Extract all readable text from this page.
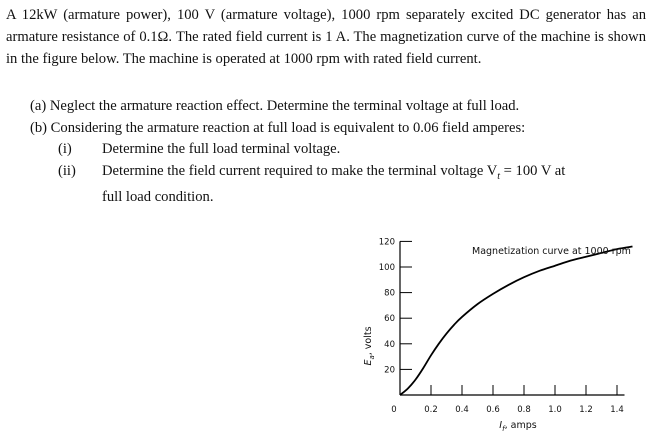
A 12kW (armature power), 100 V (armature voltage), 1000 rpm separately excited DC generator has an armature resistance of 0.1Ω. The rated field current is 1 A. The magnetization curve of the machine is shown in the figure below. The machine is operated at 1000 rpm with rated field current.
(a) Neglect the armature reaction effect. Determine the terminal voltage at full load.
(b) Considering the armature reaction at full load is equivalent to 0.06 field amperes:
(i) Determine the full load terminal voltage.
(ii) Determine the field current required to make the terminal voltage $V_t = 100$ V at
full load condition.
20
40
60
80
100
120
0	0.2 0.4 0.6 0.8 1.0 1.2 1.4
Magnetization curve at 1000 rpm
$E_a$, volts
$I_f$, amps
